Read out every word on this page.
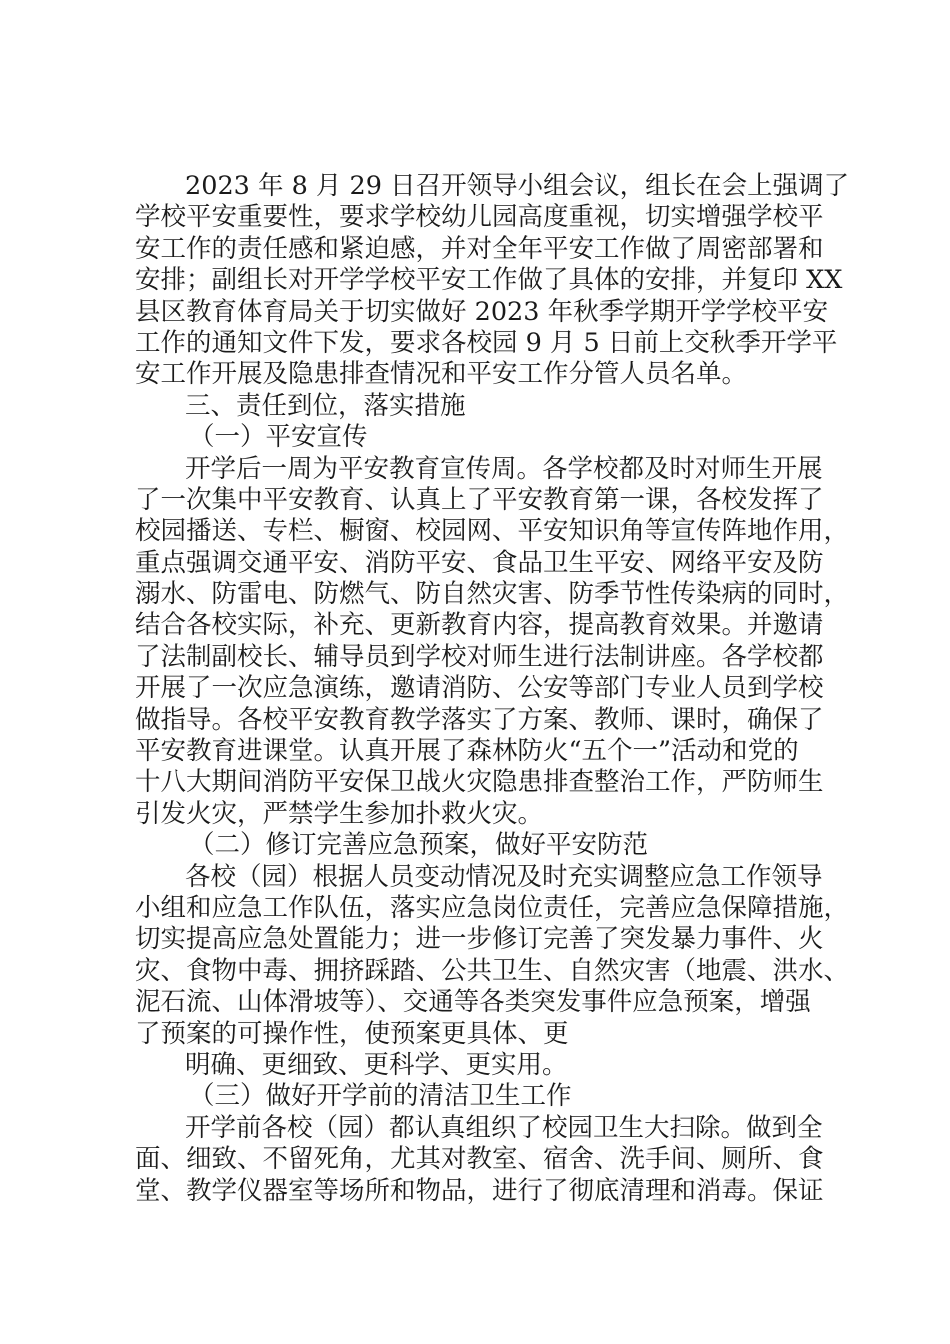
2023 年 8 月 29 日召开领导小组会议，组长在会上强调了
学校平安重要性，要求学校幼儿园高度重视，切实增强学校平
安工作的责任感和紧迫感，并对全年平安工作做了周密部署和
安排；副组长对开学学校平安工作做了具体的安排，并复印 XX
县区教育体育局关于切实做好 2023 年秋季学期开学学校平安
工作的通知文件下发，要求各校园 9 月 5 日前上交秋季开学平
安工作开展及隐患排查情况和平安工作分管人员名单。
三、责任到位，落实措施
（一）平安宣传
开学后一周为平安教育宣传周。各学校都及时对师生开展
了一次集中平安教育、认真上了平安教育第一课，各校发挥了
校园播送、专栏、橱窗、校园网、平安知识角等宣传阵地作用，
重点强调交通平安、消防平安、食品卫生平安、网络平安及防
溺水、防雷电、防燃气、防自然灾害、防季节性传染病的同时，
结合各校实际，补充、更新教育内容，提高教育效果。并邀请
了法制副校长、辅导员到学校对师生进行法制讲座。各学校都
开展了一次应急演练，邀请消防、公安等部门专业人员到学校
做指导。各校平安教育教学落实了方案、教师、课时，确保了
平安教育进课堂。认真开展了森林防火“五个一”活动和党的
十八大期间消防平安保卫战火灾隐患排查整治工作，严防师生
引发火灾，严禁学生参加扑救火灾。
（二）修订完善应急预案，做好平安防范
各校（园）根据人员变动情况及时充实调整应急工作领导
小组和应急工作队伍，落实应急岗位责任，完善应急保障措施，
切实提高应急处置能力；进一步修订完善了突发暴力事件、火
灾、食物中毒、拥挤踩踏、公共卫生、自然灾害（地震、洪水、
泥石流、山体滑坡等）、交通等各类突发事件应急预案，增强
了预案的可操作性，使预案更具体、更
明确、更细致、更科学、更实用。
（三）做好开学前的清洁卫生工作
开学前各校（园）都认真组织了校园卫生大扫除。做到全
面、细致、不留死角，尤其对教室、宿舍、洗手间、厕所、食
堂、教学仪器室等场所和物品，进行了彻底清理和消毒。保证
